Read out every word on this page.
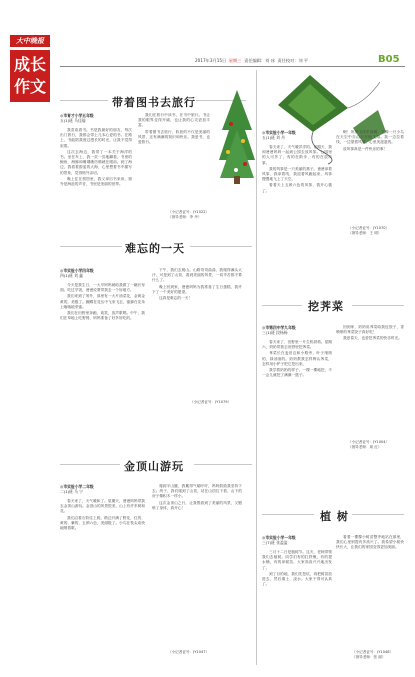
大中晚报
成长
作文
2017年3月15日 星期三 责任编辑：刘 冰 责任校对：刘 平	B05
带着图书去旅行
◎市育才小学五年级
五(1)班 马佳瑜

我喜欢看书。书是我最好的朋友，每次出门旅行，我都会带上几本心爱的书。在路上，书能陪我度过漫长的时光，让我不觉得寂寞。

这次去海边，我带了一本关于海洋的书。坐在车上，我一页一页地翻看，书里的鲸鱼、海豚和珊瑚礁仿佛就在眼前。到了海边，我看着蔚蓝的大海，心里想着书中描写的景象，觉得格外亲切。

晚上住在旅馆里，我又拿出书来读，窗外是海浪的声音，书里是美丽的世界。

我们在旅行中读书，在书中旅行。书让我的眼界变得开阔，也让我的心灵更加丰富。

带着图书去旅行，收获的不仅是美丽的风景，还有满满的知识和快乐。我爱书，也爱旅行。

（小记者证号：JY1022）
（指导老师：李 丹）
◎市实验小学一年级
五(1)班 刘 丹

春天来了，天气暖洋洋的。星期天，我和爸爸妈妈一起到公园去放风筝。公园里的人可多了，有的在散步，有的在放风筝。

我的风筝是一只美丽的燕子。爸爸拿着风筝，我拿着线，我迎着风跑起来，风筝慢慢地飞上了天空。

看着天上五颜六色的风筝，我开心极了。

啊！风筝飞得多高啊，它像一只小鸟在天空中自由自在地飞翔。我一边拉着线，一边望着风筝，心里美滋滋的。

放风筝真是一件快乐的事！

（小记者证号：JY1070）
（指导老师：王 明）
难忘的一天
◎市实验小学四年级
四(1)班 刘 鑫

今天是我生日，一大早妈妈就给我做了一碗长寿面。吃过早饭，爸爸说要带我去一个好地方。

我们来到了郊外，那里有一大片油菜花，金黄金黄的，美极了。蝴蝶在花丛中飞来飞去，蜜蜂在花朵上嗡嗡地采蜜。

我们在田野里奔跑、欢笑，放声歌唱。中午，我们在草地上吃野餐，妈妈准备了好多好吃的。

下午，我们去爬山。山路弯弯曲曲，我爬得满头大汗，可是到了山顶，看到美丽的风景，一切辛苦都不算什么了。

晚上回到家，爸爸妈妈为我准备了生日蛋糕，我许下了一个美好的愿望。

这真是难忘的一天！

（小记者证号：JY1079）
挖荠菜
◎市第四中学九年级
三(1)班 段杨杨

春天来了，田野里一片生机勃勃。星期六，奶奶带我去田野里挖荠菜。

荠菜长在麦田边和小路旁，叶子细细的，绿油油的。奶奶教我怎样辨认荠菜，怎样用小铲子把它挖出来。

我学着奶奶的样子，一棵一棵地挖，不一会儿就挖了满满一篮子。

回到家，奶奶用荠菜给我包饺子，香喷喷的荠菜饺子真好吃！

我爱春天，也爱挖荠菜的快乐时光。

（小记者证号：JY1004）
（指导老师：周 红）
金顶山游玩
◎市实验小学二年级
二(1)班 马 宁

春天来了，天气暖和了。星期天，爸爸妈妈带我去金顶山游玩。金顶山的风景很美，山上有许多树和花。

我们沿着石阶往上爬，路边开满了野花，红的、黄的、紫的，五颜六色，美丽极了。小鸟在枝头欢快地唱着歌。

爬到半山腰，我累得气喘吁吁，妈妈鼓励我坚持下去。终于，我们爬到了山顶，站在山顶往下看，山下的房子像积木一样小。

这次金顶山之行，让我既看到了美丽的风景，又锻炼了身体，真开心！

（小记者证号：JY1047）
植 树
◎市实验小学一年级
三(7)班 张盈盈

三月十二日是植树节。这天，老师带领我们去植树。同学们有的扛铁锹，有的提水桶，有的拿树苗，大家高高兴兴地出发了。

到了目的地，我们先挖坑，再把树苗放进去，然后填土、浇水。大家干得可认真了。

看着一棵棵小树苗整齐地站在那里，我们心里别提有多高兴了。我希望小树快快长大，让我们的家园变得更加美丽。

（小记者证号：JY1048）
（指导老师：张 丽）
